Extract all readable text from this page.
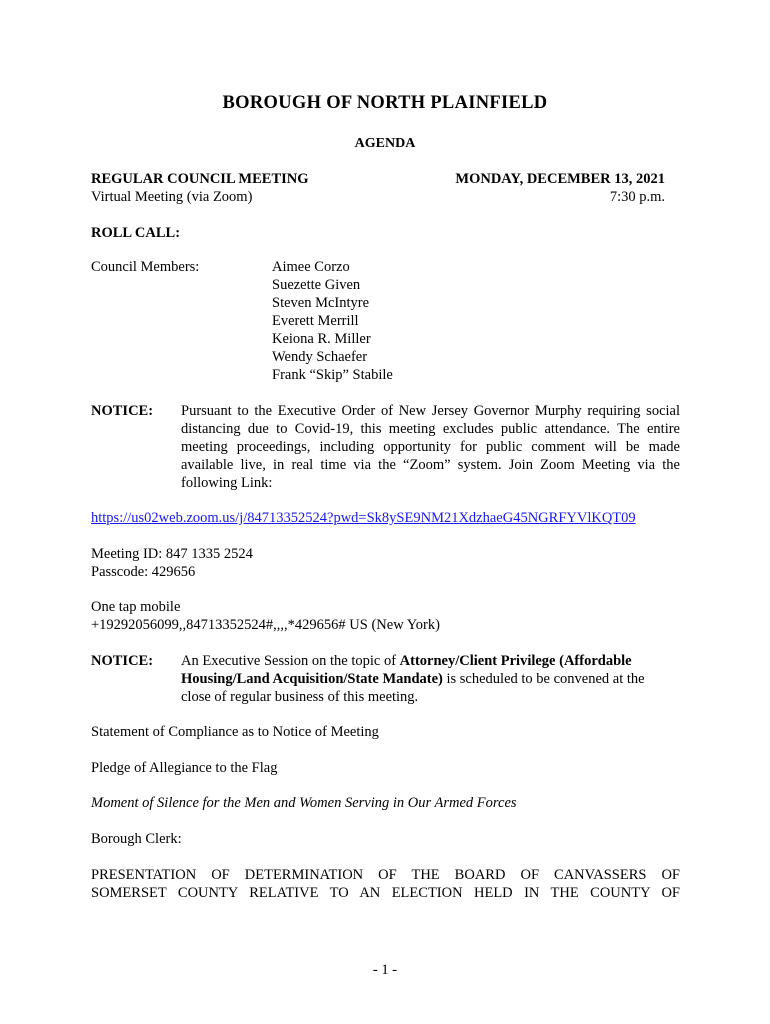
BOROUGH OF NORTH PLAINFIELD
AGENDA
REGULAR COUNCIL MEETING
Virtual Meeting (via Zoom)
MONDAY, DECEMBER 13, 2021
7:30 p.m.
ROLL CALL:
Council Members:	Aimee Corzo
Suezette Given
Steven McIntyre
Everett Merrill
Keiona R. Miller
Wendy Schaefer
Frank “Skip” Stabile
NOTICE: Pursuant to the Executive Order of New Jersey Governor Murphy requiring social distancing due to Covid-19, this meeting excludes public attendance. The entire meeting proceedings, including opportunity for public comment will be made available live, in real time via the “Zoom” system. Join Zoom Meeting via the following Link:
https://us02web.zoom.us/j/84713352524?pwd=Sk8ySE9NM21XdzhaeG45NGRFYVlKQT09
Meeting ID: 847 1335 2524
Passcode: 429656
One tap mobile
+19292056099,,84713352524#,,,,*429656# US (New York)
NOTICE: An Executive Session on the topic of Attorney/Client Privilege (Affordable Housing/Land Acquisition/State Mandate) is scheduled to be convened at the close of regular business of this meeting.
Statement of Compliance as to Notice of Meeting
Pledge of Allegiance to the Flag
Moment of Silence for the Men and Women Serving in Our Armed Forces
Borough Clerk:
PRESENTATION OF DETERMINATION OF THE BOARD OF CANVASSERS OF
SOMERSET COUNTY RELATIVE TO AN ELECTION HELD IN THE COUNTY OF
- 1 -
